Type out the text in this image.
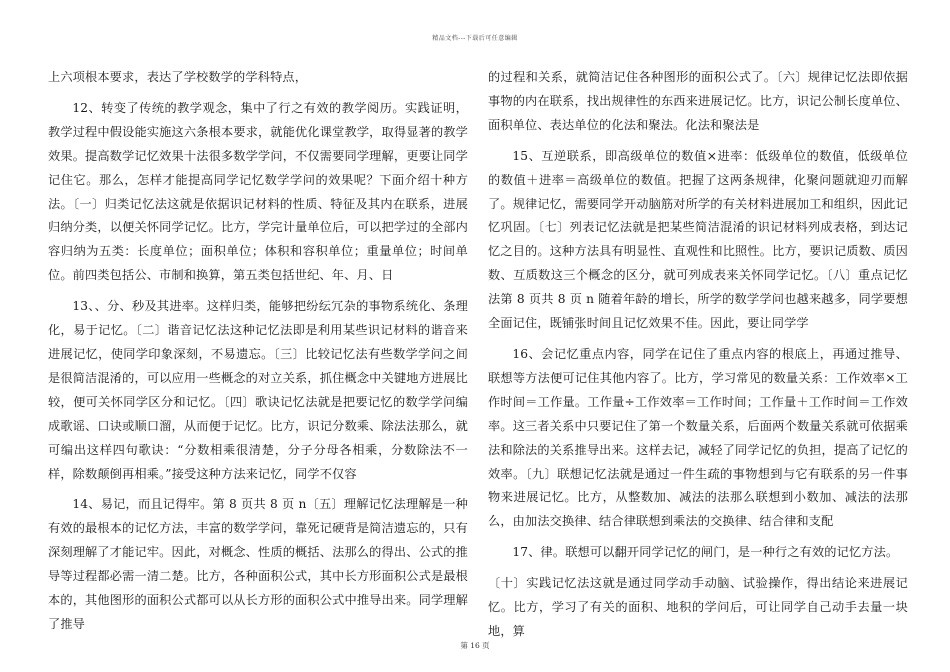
精品文档---下载后可任意编辑

上六项根本要求，表达了学校数学的学科特点，

12、转变了传统的教学观念，集中了行之有效的教学阅历。实践证明，教学过程中假设能实施这六条根本要求，就能优化课堂教学，取得显著的教学效果。提高数学记忆效果十法很多数学学问，不仅需要同学理解，更要让同学记住它。那么，怎样才能提高同学记忆数学学问的效果呢？下面介绍十种方法。〔一〕归类记忆法这就是依据识记材料的性质、特征及其内在联系，进展归纳分类，以便关怀同学记忆。比方，学完计量单位后，可以把学过的全部内容归纳为五类：长度单位；面积单位；体积和容积单位；重量单位；时间单位。前四类包括公、市制和换算，第五类包括世纪、年、月、日

13、、分、秒及其进率。这样归类，能够把纷纭冗杂的事物系统化、条理化，易于记忆。〔二〕谐音记忆法这种记忆法即是利用某些识记材料的谐音来进展记忆，使同学印象深刻，不易遗忘。〔三〕比较记忆法有些数学学问之间是很简洁混淆的，可以应用一些概念的对立关系，抓住概念中关键地方进展比较，便可关怀同学区分和记忆。〔四〕歌诀记忆法就是把要记忆的数学学问编成歌谣、口诀或顺口溜，从而便于记忆。比方，识记分数乘、除法法那么，就可编出这样四句歌诀：“分数相乘很清楚，分子分母各相乘，分数除法不一样，除数颠倒再相乘。”接受这种方法来记忆，同学不仅容

14、易记，而且记得牢。第 8 页共 8 页 n〔五〕理解记忆法理解是一种有效的最根本的记忆方法，丰富的数学学问，靠死记硬背是简洁遗忘的，只有深刻理解了才能记牢。因此，对概念、性质的概括、法那么的得出、公式的推导等过程都必需一清二楚。比方，各种面积公式，其中长方形面积公式是最根本的，其他图形的面积公式都可以从长方形的面积公式中推导出来。同学理解了推导

的过程和关系，就简洁记住各种图形的面积公式了。〔六〕规律记忆法即依据事物的内在联系，找出规律性的东西来进展记忆。比方，识记公制长度单位、面积单位、表达单位的化法和聚法。化法和聚法是

15、互逆联系，即高级单位的数值×进率：低级单位的数值，低级单位的数值＋进率＝高级单位的数值。把握了这两条规律，化聚问题就迎刃而解了。规律记忆，需要同学开动脑筋对所学的有关材料进展加工和组织，因此记忆巩固。〔七〕列表记忆法就是把某些简洁混淆的识记材料列成表格，到达记忆之目的。这种方法具有明显性、直观性和比照性。比方，要识记质数、质因数、互质数这三个概念的区分，就可列成表来关怀同学记忆。〔八〕重点记忆法第 8 页共 8 页 n 随着年龄的增长，所学的数学学问也越来越多，同学要想全面记住，既铺张时间且记忆效果不佳。因此，要让同学学

16、会记忆重点内容，同学在记住了重点内容的根底上，再通过推导、联想等方法便可记住其他内容了。比方，学习常见的数量关系：工作效率×工作时间＝工作量。工作量÷工作效率＝工作时间；工作量＋工作时间＝工作效率。这三者关系中只要记住了第一个数量关系，后面两个数量关系就可依据乘法和除法的关系推导出来。这样去记，减轻了同学记忆的负担，提高了记忆的效率。〔九〕联想记忆法就是通过一件生疏的事物想到与它有联系的另一件事物来进展记忆。比方，从整数加、减法的法那么联想到小数加、减法的法那么，由加法交换律、结合律联想到乘法的交换律、结合律和支配

17、律。联想可以翻开同学记忆的闸门，是一种行之有效的记忆方法。

〔十〕实践记忆法这就是通过同学动手动脑、试验操作，得出结论来进展记忆。比方，学习了有关的面积、地积的学问后，可让同学自己动手去量一块地，算

第 16 页
